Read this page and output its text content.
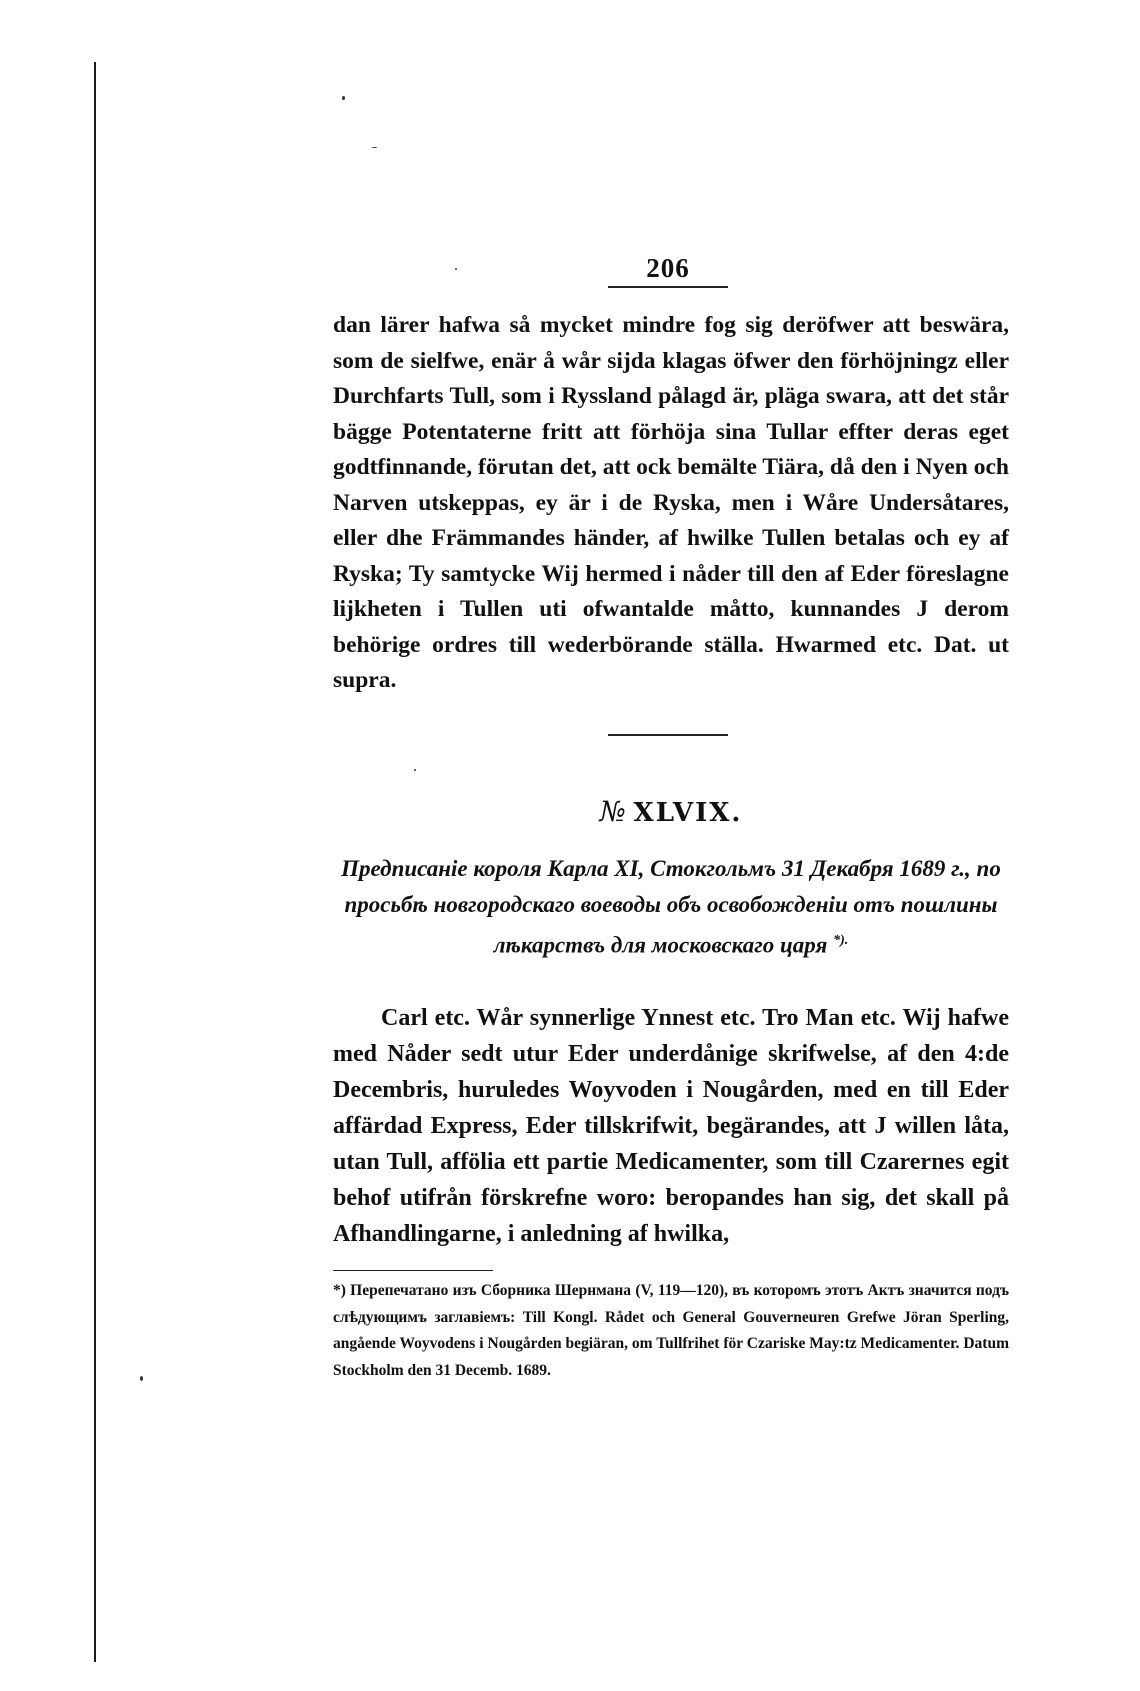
206
dan lärer hafwa så mycket mindre fog sig deröfwer att beswära, som de sielfwe, enär å wår sijda klagas öfwer den förhöjningz eller Durchfarts Tull, som i Ryssland pålagd är, pläga swara, att det står bägge Potentaterne fritt att förhöja sina Tullar effter deras eget godtfinnande, förutan det, att ock bemälte Tiära, då den i Nyen och Narven utskeppas, ey är i de Ryska, men i Wåre Undersåtares, eller dhe Främmandes händer, af hwilke Tullen betalas och ey af Ryska; Ty samtycke Wij hermed i nåder till den af Eder föreslagne lijkheten i Tullen uti ofwantalde måtto, kunnandes J derom behörige ordres till wederbörande ställa. Hwarmed etc. Dat. ut supra.
№ XLVIX.
Предписаніе короля Карла XI, Стокгольмъ 31 Декабря 1689 г., по просьбѣ новгородскаго воеводы объ освобожденіи отъ пошлины лѣкарствъ для московскаго царя *).
Carl etc. Wår synnerlige Ynnest etc. Tro Man etc. Wij hafwe med Nåder sedt utur Eder underdånige skrifwelse, af den 4:de Decembris, huruledes Woyvoden i Nougården, med en till Eder affärdad Express, Eder tillskrifwit, begärandes, att J willen låta, utan Tull, affölia ett partie Medicamenter, som till Czarernes egit behof utifrån förskrefne woro: beropandes han sig, det skall på Afhandlingarne, i anledning af hwilka,
*) Перепечатано изъ Сборника Шернмана (V, 119—120), въ которомъ этотъ Актъ значится подъ слѣдующимъ заглавіемъ: Till Kongl. Rådet och General Gouverneuren Grefwe Jöran Sperling, angående Woyvodens i Nougården begiäran, om Tullfrihet för Czariske May:tz Medicamenter. Datum Stockholm den 31 Decemb. 1689.
